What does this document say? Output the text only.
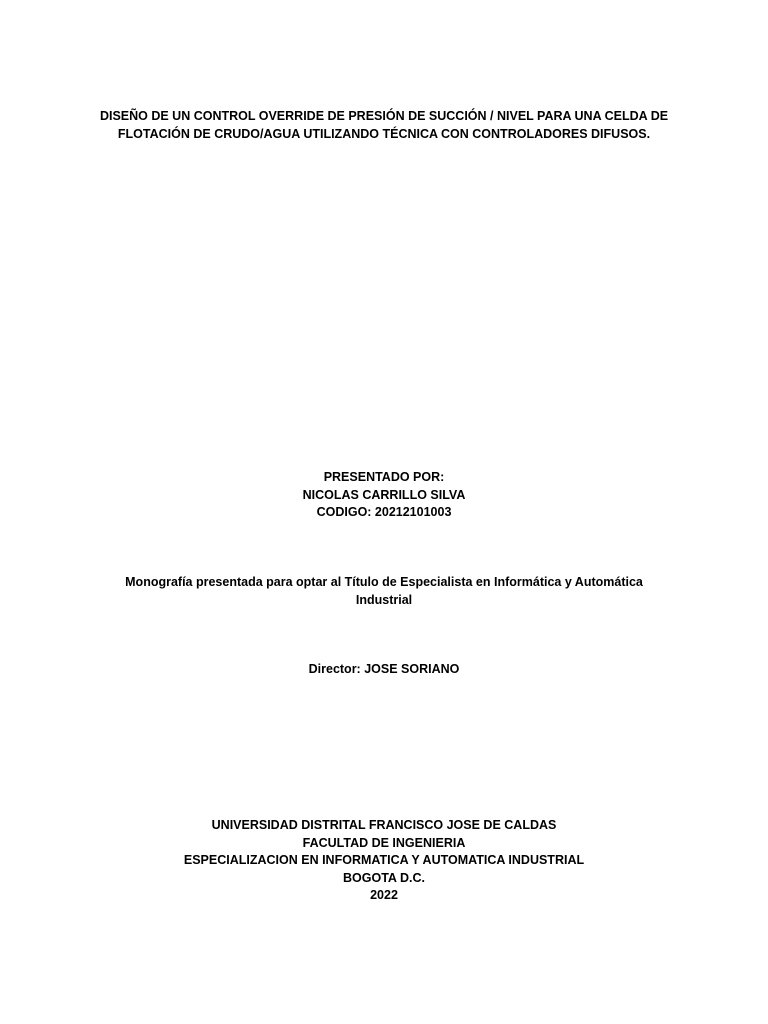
DISEÑO DE UN CONTROL OVERRIDE DE PRESIÓN DE SUCCIÓN / NIVEL PARA UNA CELDA DE

FLOTACIÓN DE CRUDO/AGUA UTILIZANDO TÉCNICA CON CONTROLADORES DIFUSOS.

PRESENTADO POR:

NICOLAS CARRILLO SILVA

CODIGO: 20212101003

Monografía presentada para optar al Título de Especialista en Informática y Automática

Industrial

Director: JOSE SORIANO

UNIVERSIDAD DISTRITAL FRANCISCO JOSE DE CALDAS

FACULTAD DE INGENIERIA

ESPECIALIZACION EN INFORMATICA Y AUTOMATICA INDUSTRIAL

BOGOTA D.C.

2022
